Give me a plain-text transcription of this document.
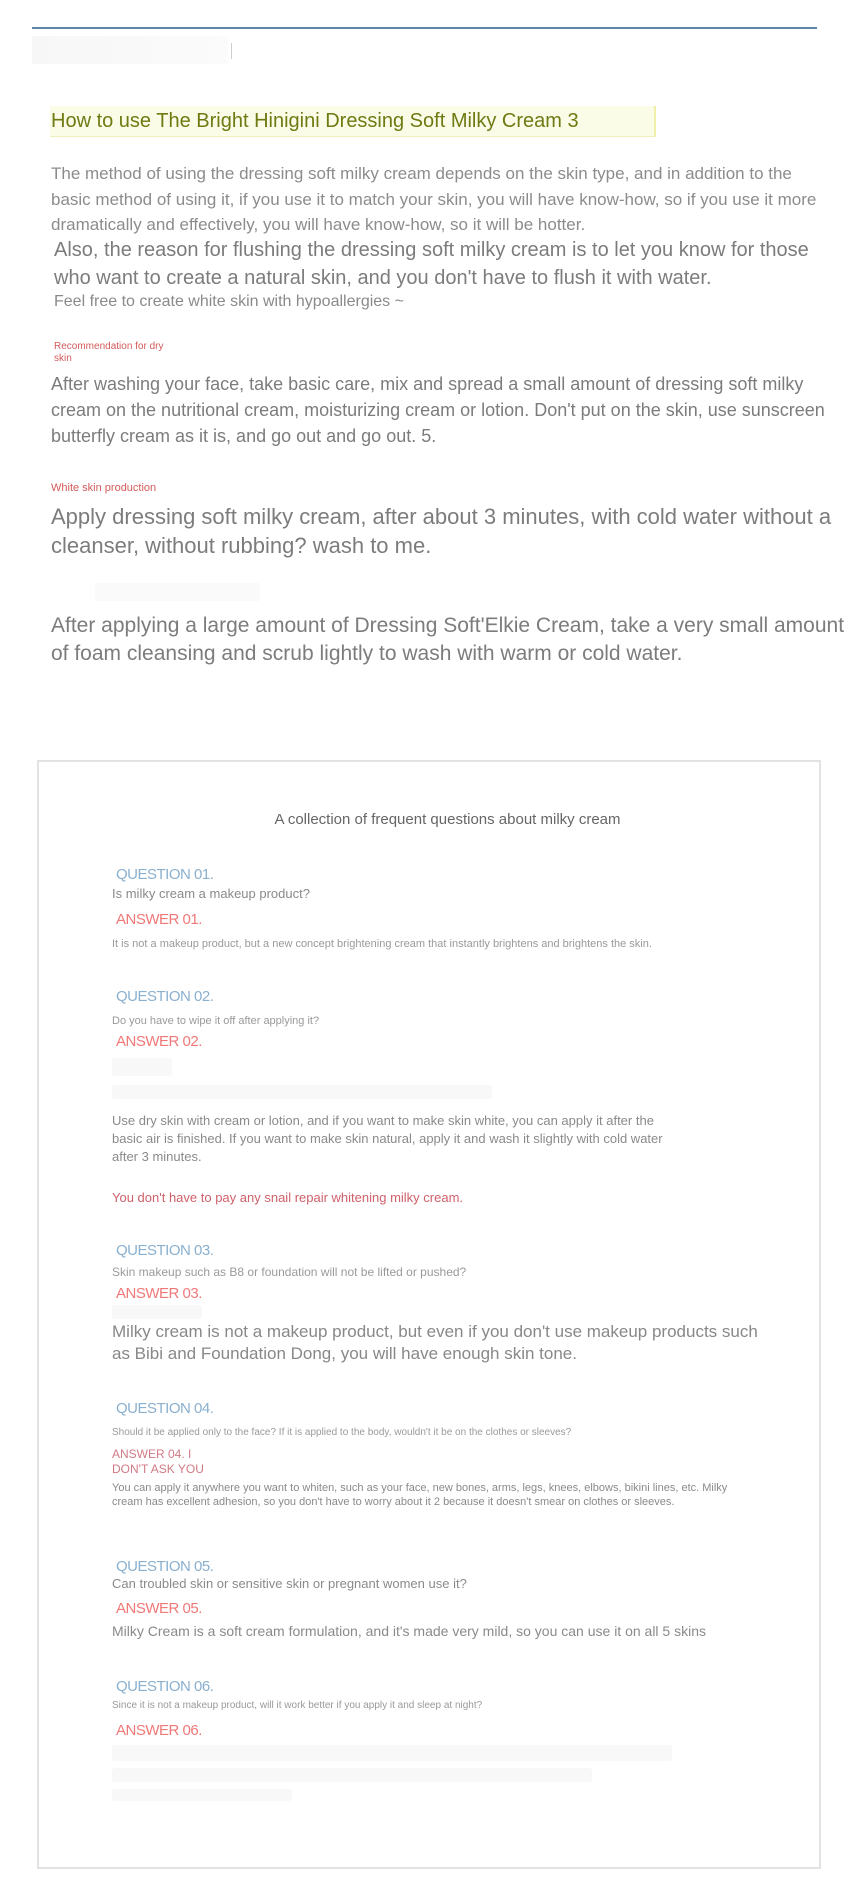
How to use The Bright Hinigini Dressing Soft Milky Cream 3

The method of using the dressing soft milky cream depends on the skin type, and in addition to the basic method of using it, if you use it to match your skin, you will have know-how, so if you use it more dramatically and effectively, you will have know-how, so it will be hotter.

Also, the reason for flushing the dressing soft milky cream is to let you know for those who want to create a natural skin, and you don't have to flush it with water.

Feel free to create white skin with hypoallergies ~

Recommendation for dry skin

After washing your face, take basic care, mix and spread a small amount of dressing soft milky cream on the nutritional cream, moisturizing cream or lotion. Don't put on the skin, use sunscreen butterfly cream as it is, and go out and go out. 5.

White skin production

Apply dressing soft milky cream, after about 3 minutes, with cold water without a cleanser, without rubbing? wash to me.

After applying a large amount of Dressing Soft'Elkie Cream, take a very small amount of foam cleansing and scrub lightly to wash with warm or cold water.

A collection of frequent questions about milky cream
QUESTION 01.
Is milky cream a makeup product?
ANSWER 01.
It is not a makeup product, but a new concept brightening cream that instantly brightens and brightens the skin.
QUESTION 02.
Do you have to wipe it off after applying it?
ANSWER 02.

Use dry skin with cream or lotion, and if you want to make skin white, you can apply it after the basic air is finished. If you want to make skin natural, apply it and wash it slightly with cold water after 3 minutes.

You don't have to pay any snail repair whitening milky cream.
QUESTION 03.
Skin makeup such as B8 or foundation will not be lifted or pushed?
ANSWER 03.

Milky cream is not a makeup product, but even if you don't use makeup products such as Bibi and Foundation Dong, you will have enough skin tone.

QUESTION 04.
Should it be applied only to the face? If it is applied to the body, wouldn't it be on the clothes or sleeves?
ANSWER 04. I DON'T ASK YOU

You can apply it anywhere you want to whiten, such as your face, new bones, arms, legs, knees, elbows, bikini lines, etc. Milky cream has excellent adhesion, so you don't have to worry about it 2 because it doesn't smear on clothes or sleeves.

QUESTION 05.
Can troubled skin or sensitive skin or pregnant women use it?
ANSWER 05.
Milky Cream is a soft cream formulation, and it's made very mild, so you can use it on all 5 skins
QUESTION 06.
Since it is not a makeup product, will it work better if you apply it and sleep at night?
ANSWER 06.
